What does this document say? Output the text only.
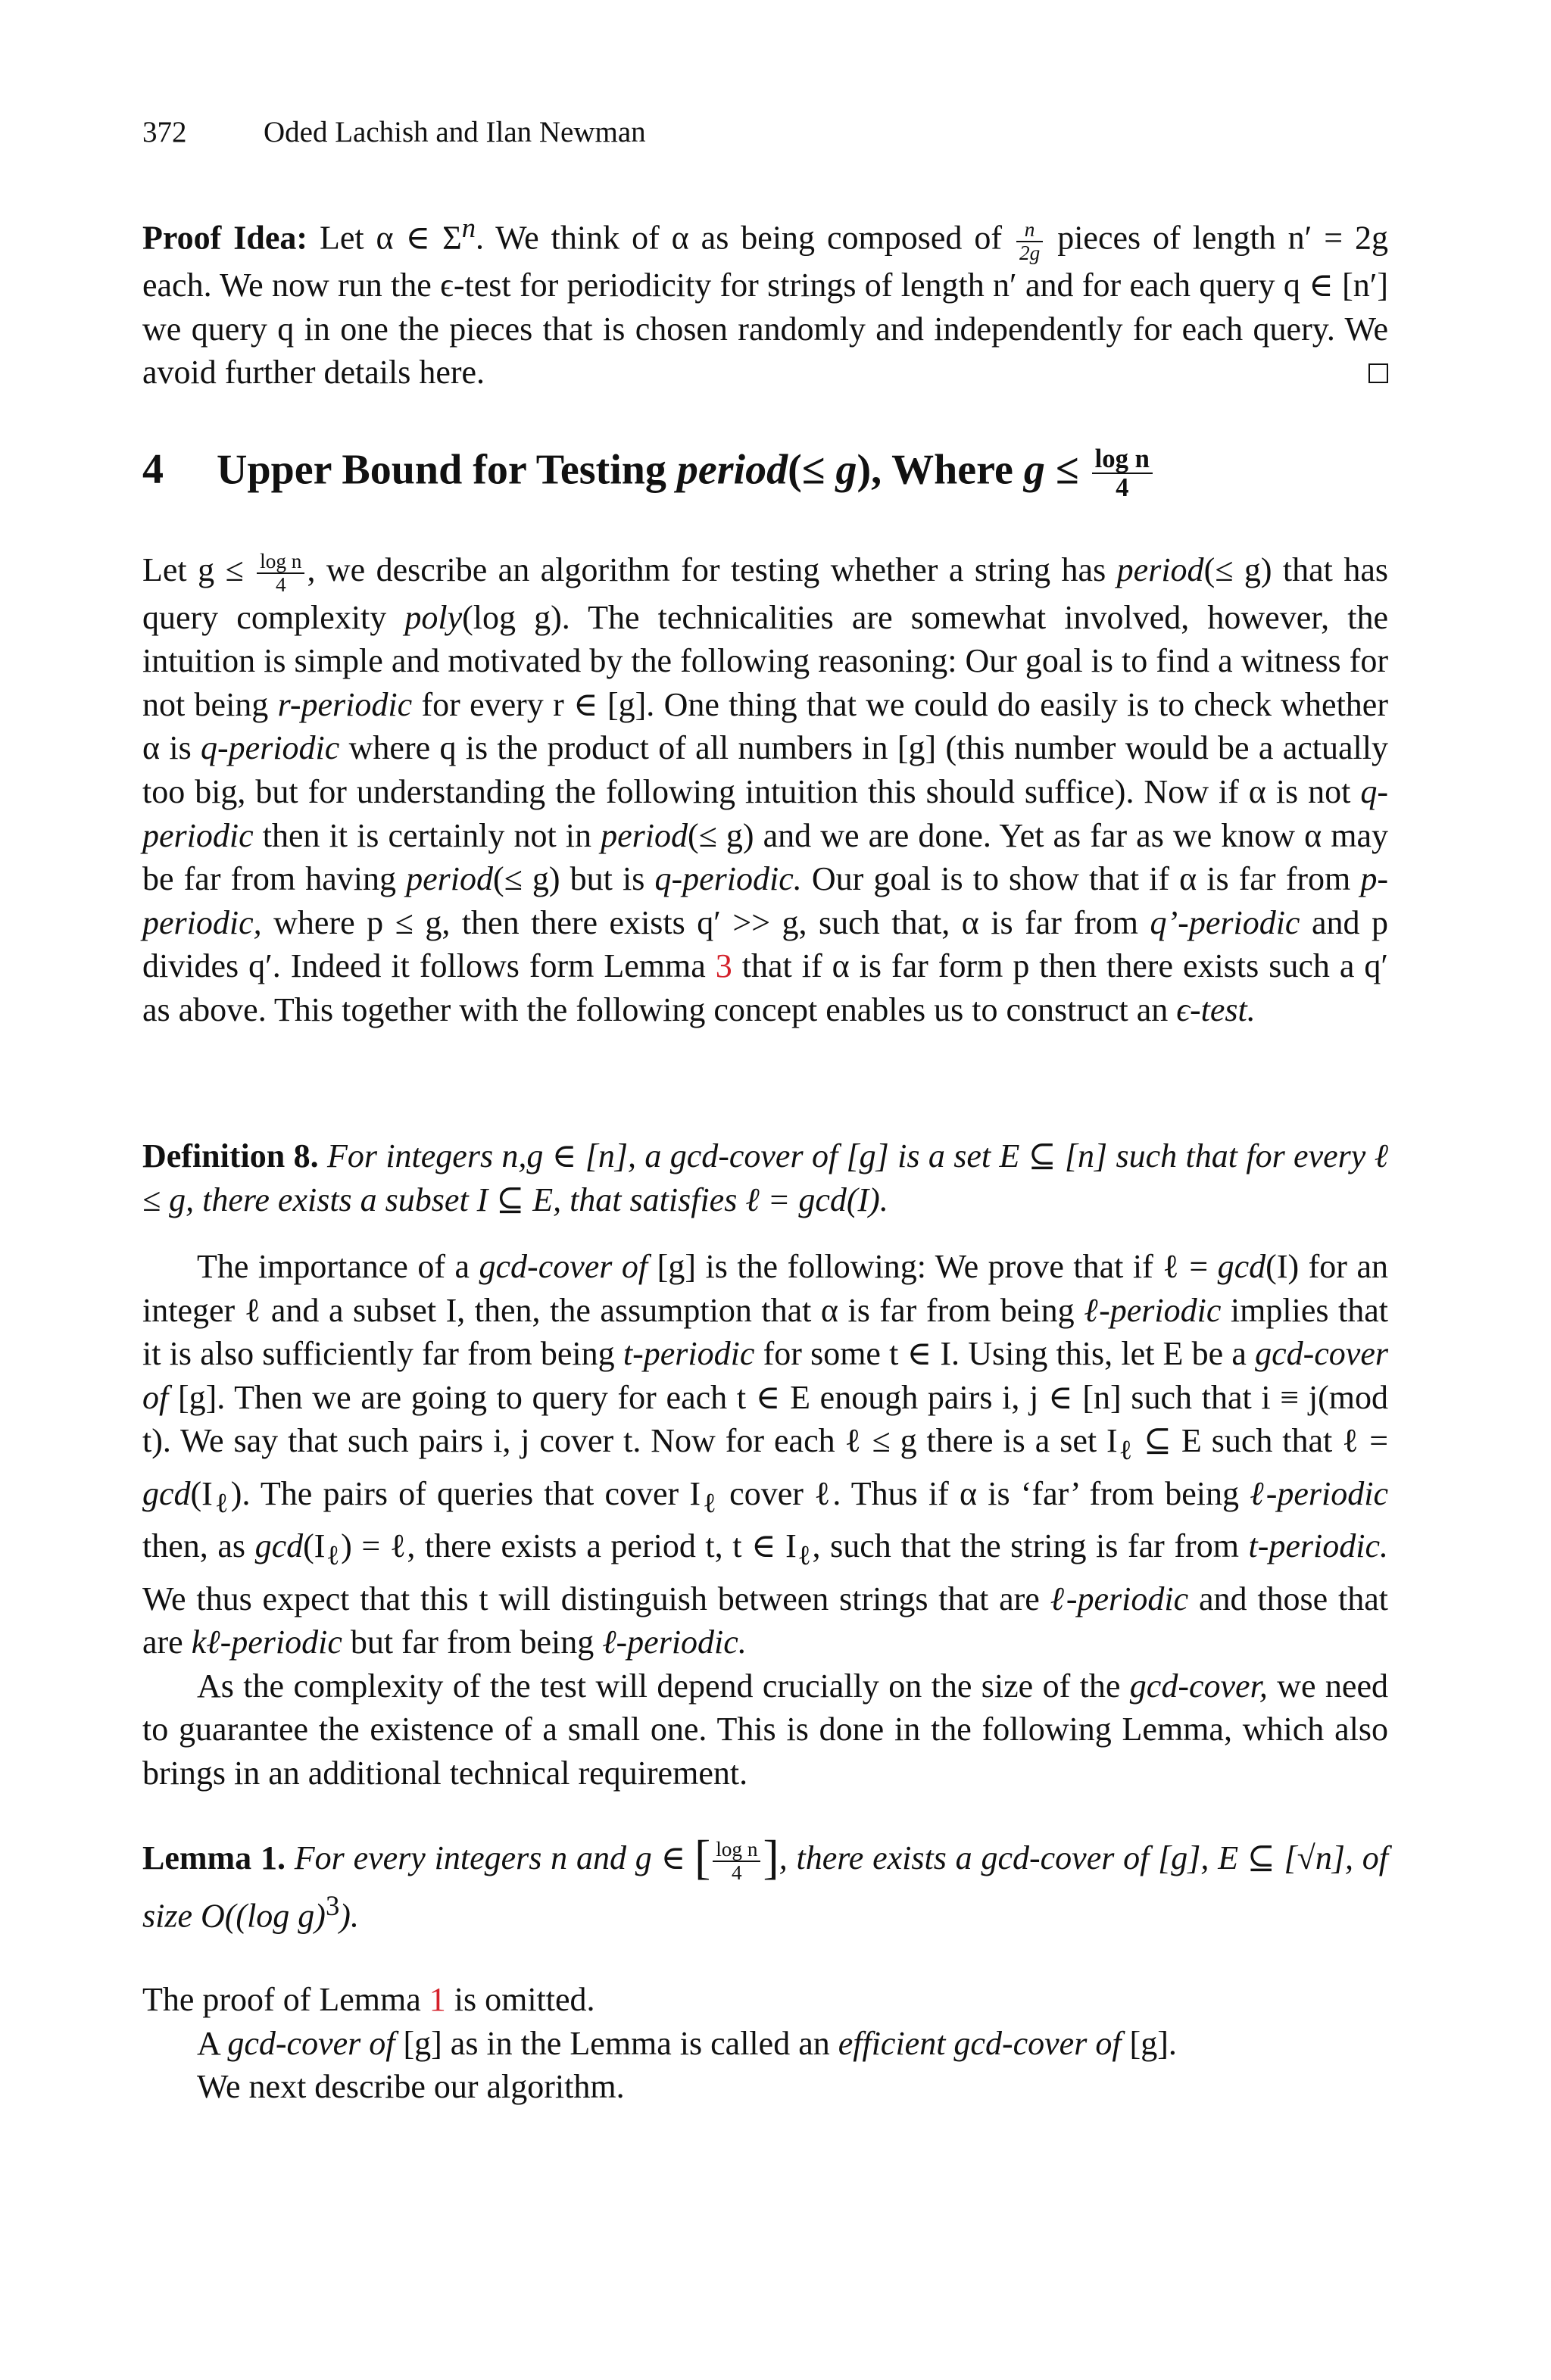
372	Oded Lachish and Ilan Newman

Proof Idea: Let α ∈ $\Sigma^n$. We think of α as being composed of $\frac{n}{2g}$ pieces of length n′ = 2g each. We now run the ϵ-test for periodicity for strings of length n′ and for each query q ∈ [n′] we query q in one the pieces that is chosen randomly and independently for each query. We avoid further details here.

4 Upper Bound for Testing period(≤ g), Where $g \le \frac{\text{log n}}{4}$

Let $g \le \frac{\text{log n}}{4}$ , we describe an algorithm for testing whether a string has period(≤ g) that has query complexity poly(log g). The technicalities are somewhat involved, however, the intuition is simple and motivated by the following reasoning: Our goal is to find a witness for not being r-periodic for every r ∈ [g]. One thing that we could do easily is to check whether α is q-periodic where q is the product of all numbers in [g] (this number would be a actually too big, but for understanding the following intuition this should suffice). Now if α is not q-periodic then it is certainly not in period(≤ g) and we are done. Yet as far as we know α may be far from having period(≤ g) but is q-periodic. Our goal is to show that if α is far from p-periodic, where p ≤ g, then there exists q′ >> g, such that, α is far from q’-periodic and p divides q′. Indeed it follows form Lemma 3 that if α is far form p then there exists such a q′ as above. This together with the following concept enables us to construct an ϵ-test.

Definition 8. For integers n,g ∈ [n], a gcd-cover of [g] is a set E ⊆ [n] such that for every ℓ ≤ g, there exists a subset I ⊆ E, that satisfies ℓ = gcd(I).

The importance of a gcd-cover of [g] is the following: We prove that if ℓ = gcd(I) for an integer ℓ and a subset I, then, the assumption that α is far from being ℓ-periodic implies that it is also sufficiently far from being t-periodic for some t ∈ I. Using this, let E be a gcd-cover of [g]. Then we are going to query for each t ∈ E enough pairs i, j ∈ [n] such that i ≡ j(mod t). We say that such pairs i, j cover t. Now for each ℓ ≤ g there is a set $I_\ell$ ⊆ E such that ℓ = $\gcd(I_\ell)$. The pairs of queries that cover $I_\ell$ cover ℓ. Thus if α is ‘far’ from being ℓ-periodic then, as $\gcd(I_\ell)$ = ℓ, there exists a period t, t ∈ $I_\ell$, such that the string is far from t-periodic. We thus expect that this t will distinguish between strings that are ℓ-periodic and those that are kℓ-periodic but far from being ℓ-periodic.

As the complexity of the test will depend crucially on the size of the gcd-cover, we need to guarantee the existence of a small one. This is done in the following Lemma, which also brings in an additional technical requirement.

Lemma 1. For every integers n and g ∈ [ $\frac{\text{log n}}{4}$ ], there exists a gcd-cover of [g], E ⊆ [√n], of size O((log g)$^3$).

The proof of Lemma 1 is omitted.

A gcd-cover of [g] as in the Lemma is called an efficient gcd-cover of [g].

We next describe our algorithm.
